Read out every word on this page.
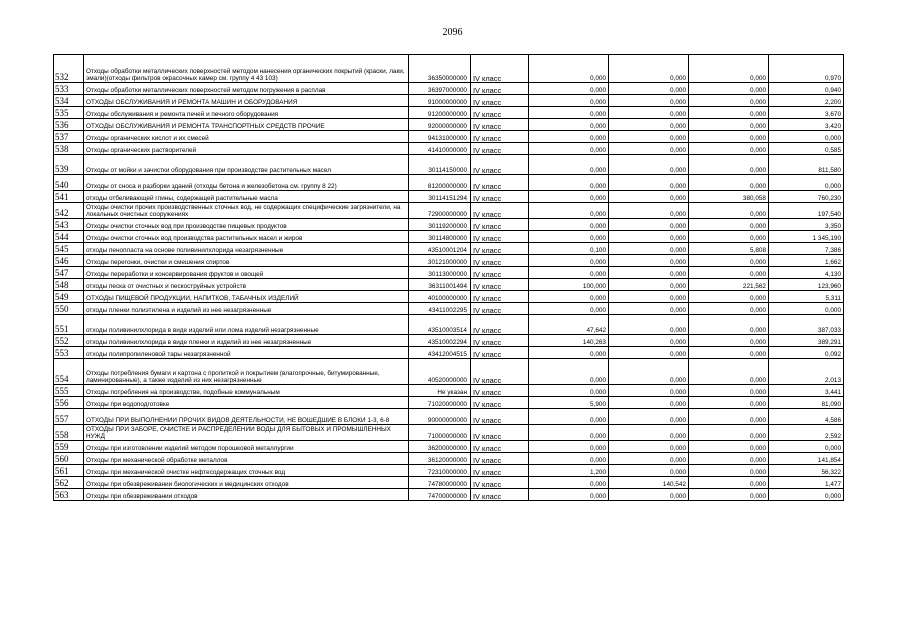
2096
532	Отходы обработки металлических поверхностей методом нанесения органических покрытий (краски, лаки, эмали)(отходы фильтров окрасочных камер см. группу 4 43 103)	36350000000	IV класс	0,000	0,000	0,000	0,970
533	Отходы обработки металлических поверхностей методом погружения в расплав	36397000000	IV класс	0,000	0,000	0,000	0,940
534	ОТХОДЫ ОБСЛУЖИВАНИЯ И РЕМОНТА МАШИН И ОБОРУДОВАНИЯ	91000000000	IV класс	0,000	0,000	0,000	2,200
535	Отходы обслуживания и ремонта печей и печного оборудования	91200000000	IV класс	0,000	0,000	0,000	3,670
536	ОТХОДЫ ОБСЛУЖИВАНИЯ И РЕМОНТА ТРАНСПОРТНЫХ СРЕДСТВ ПРОЧИЕ	92000000000	IV класс	0,000	0,000	0,000	3,420
537	Отходы органических кислот и их смесей	94131000000	IV класс	0,000	0,000	0,000	0,000
538	Отходы органических растворителей	41410000000	IV класс	0,000	0,000	0,000	0,585
539	Отходы от мойки и зачистки оборудования при производстве растительных масел	30114150000	IV класс	0,000	0,000	0,000	811,580
540	Отходы от сноса и разборки зданий (отходы бетона и железобетона см. группу 8 22)	81200000000	IV класс	0,000	0,000	0,000	0,000
541	отходы отбеливающей глины, содержащей растительные масла	30114151294	IV класс	0,000	0,000	380,058	760,230
542	Отходы очистки прочих производственных сточных вод, не содержащих специфические загрязнители, на локальных очистных сооружениях	72900000000	IV класс	0,000	0,000	0,000	197,540
543	Отходы очистки сточных вод при производстве пищевых продуктов	30119200000	IV класс	0,000	0,000	0,000	3,350
544	Отходы очистки сточных вод производства растительных масел и жиров	30114800000	IV класс	0,000	0,000	0,000	1 345,190
545	отходы пенопласта на основе поливинилхлорида незагрязненные	43510001204	IV класс	0,100	0,000	5,808	7,386
546	Отходы перегонки, очистки и смешения спиртов	30121000000	IV класс	0,000	0,000	0,000	1,662
547	Отходы переработки и консервирования фруктов и овощей	30113000000	IV класс	0,000	0,000	0,000	4,130
548	отходы песка от очистных и пескоструйных устройств	36311001494	IV класс	100,000	0,000	221,562	123,960
549	ОТХОДЫ ПИЩЕВОЙ ПРОДУКЦИИ, НАПИТКОВ, ТАБАЧНЫХ ИЗДЕЛИЙ	40100000000	IV класс	0,000	0,000	0,000	5,311
550	отходы пленки полиэтилена и изделий из нее незагрязненные	43411002295	IV класс	0,000	0,000	0,000	0,000
551	отходы поливинилхлорида в виде изделий или лома изделий незагрязненные	43510003514	IV класс	47,642	0,000	0,000	387,033
552	отходы поливинилхлорида в виде пленки и изделий из нее незагрязненные	43510002294	IV класс	140,263	0,000	0,000	389,291
553	отходы полипропиленовой тары незагрязненной	43412004515	IV класс	0,000	0,000	0,000	0,092
554	Отходы потребления бумаги и картона с пропиткой и покрытием (влагопрочные, битумированные, ламинированные), а также изделий из них незагрязненные	40520000000	IV класс	0,000	0,000	0,000	2,013
555	Отходы потребления на производстве, подобные коммунальным	Не указан	IV класс	0,000	0,000	0,000	3,441
556	Отходы при водоподготовке	71020000000	IV класс	5,900	0,000	0,000	81,090
557	ОТХОДЫ ПРИ ВЫПОЛНЕНИИ ПРОЧИХ ВИДОВ ДЕЯТЕЛЬНОСТИ, НЕ ВОШЕДШИЕ В БЛОКИ 1-3, 6-8	90000000000	IV класс	0,000	0,000	0,000	4,586
558	ОТХОДЫ ПРИ ЗАБОРЕ, ОЧИСТКЕ И РАСПРЕДЕЛЕНИИ ВОДЫ ДЛЯ БЫТОВЫХ И ПРОМЫШЛЕННЫХ НУЖД	71000000000	IV класс	0,000	0,000	0,000	2,592
559	Отходы при изготовлении изделий методом порошковой металлургии	36200000000	IV класс	0,000	0,000	0,000	0,000
560	Отходы при механической обработке металлов	36120000000	IV класс	0,000	0,000	0,000	141,854
561	Отходы при механической очистке нефтесодержащих сточных вод	72310000000	IV класс	1,200	0,000	0,000	56,322
562	Отходы при обезвреживании биологических и медицинских отходов	74780000000	IV класс	0,000	140,542	0,000	1,477
563	Отходы при обезвреживании отходов	74700000000	IV класс	0,000	0,000	0,000	0,000
